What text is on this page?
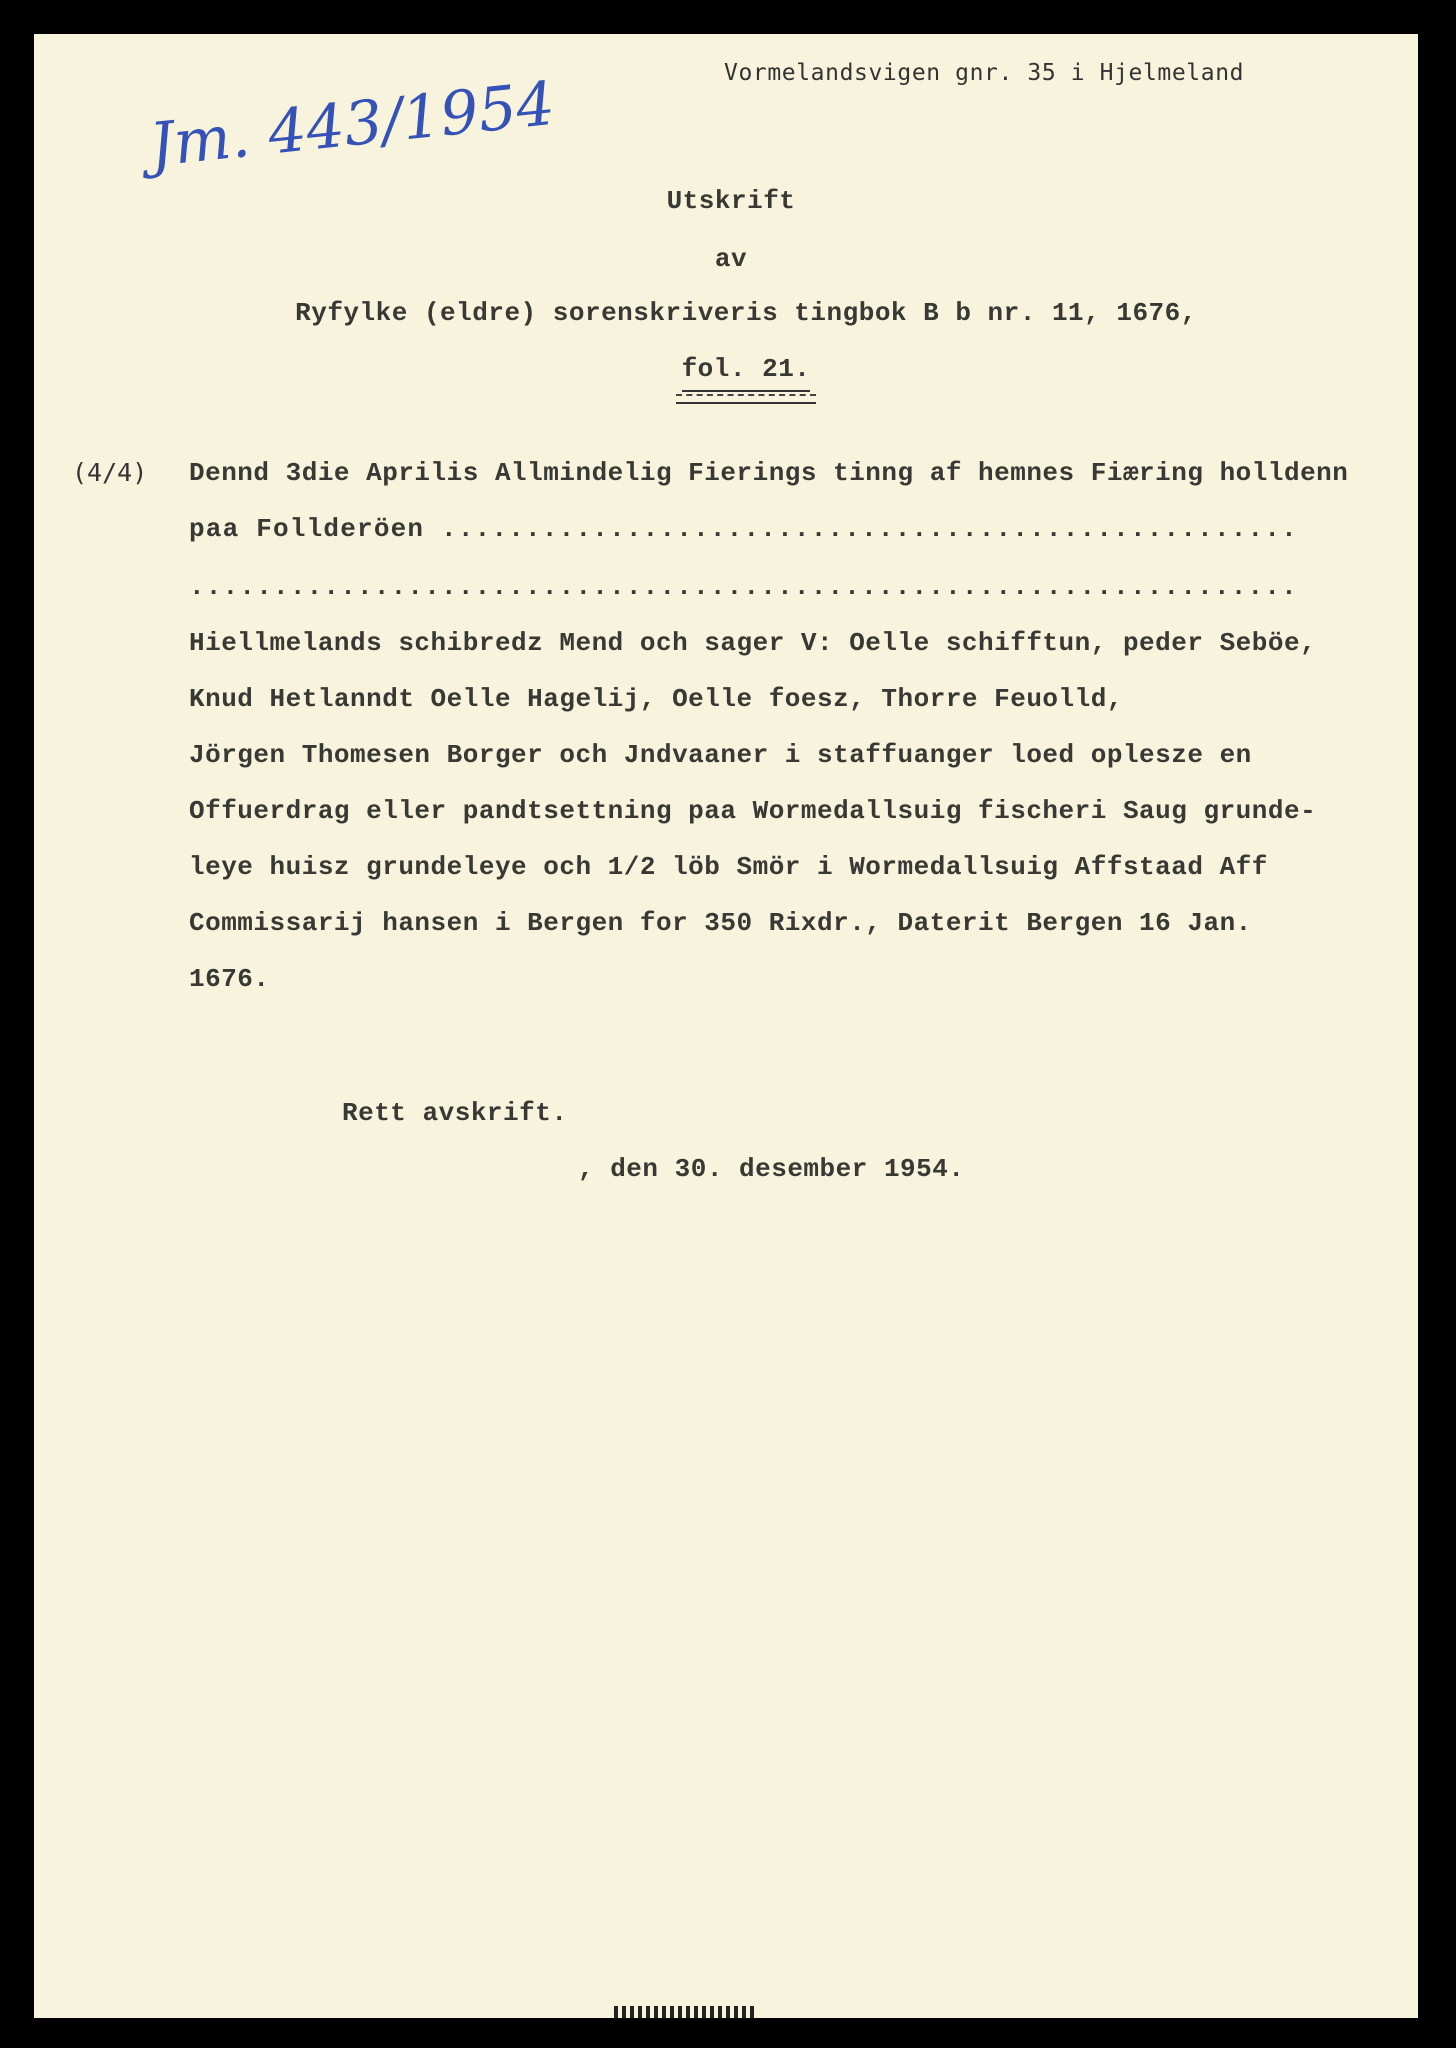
Vormelandsvigen gnr. 35 i Hjelmeland
Jm. 443/1954
Utskrift
av
Ryfylke (eldre) sorenskriveris tingbok B b nr. 11, 1676,
fol. 21.
(4/4) Dennd 3die Aprilis Allmindelig Fierings tinng af hemnes Fiæring holldenn
paa Follderöen ...................................................
..................................................................
Hiellmelands schibredz Mend och sager V: Oelle schifftun, peder Seböe,
Knud Hetlanndt Oelle Hagelij, Oelle foesz, Thorre Feuolld,
Jörgen Thomesen Borger och Jndvaaner i staffuanger loed oplesze en
Offuerdrag eller pandtsettning paa Wormedallsuig fischeri Saug grunde-
leye huisz grundeleye och 1/2 löb Smör i Wormedallsuig Affstaad Aff
Commissarij hansen i Bergen for 350 Rixdr., Daterit Bergen 16 Jan.
1676.
Rett avskrift.
, den 30. desember 1954.
